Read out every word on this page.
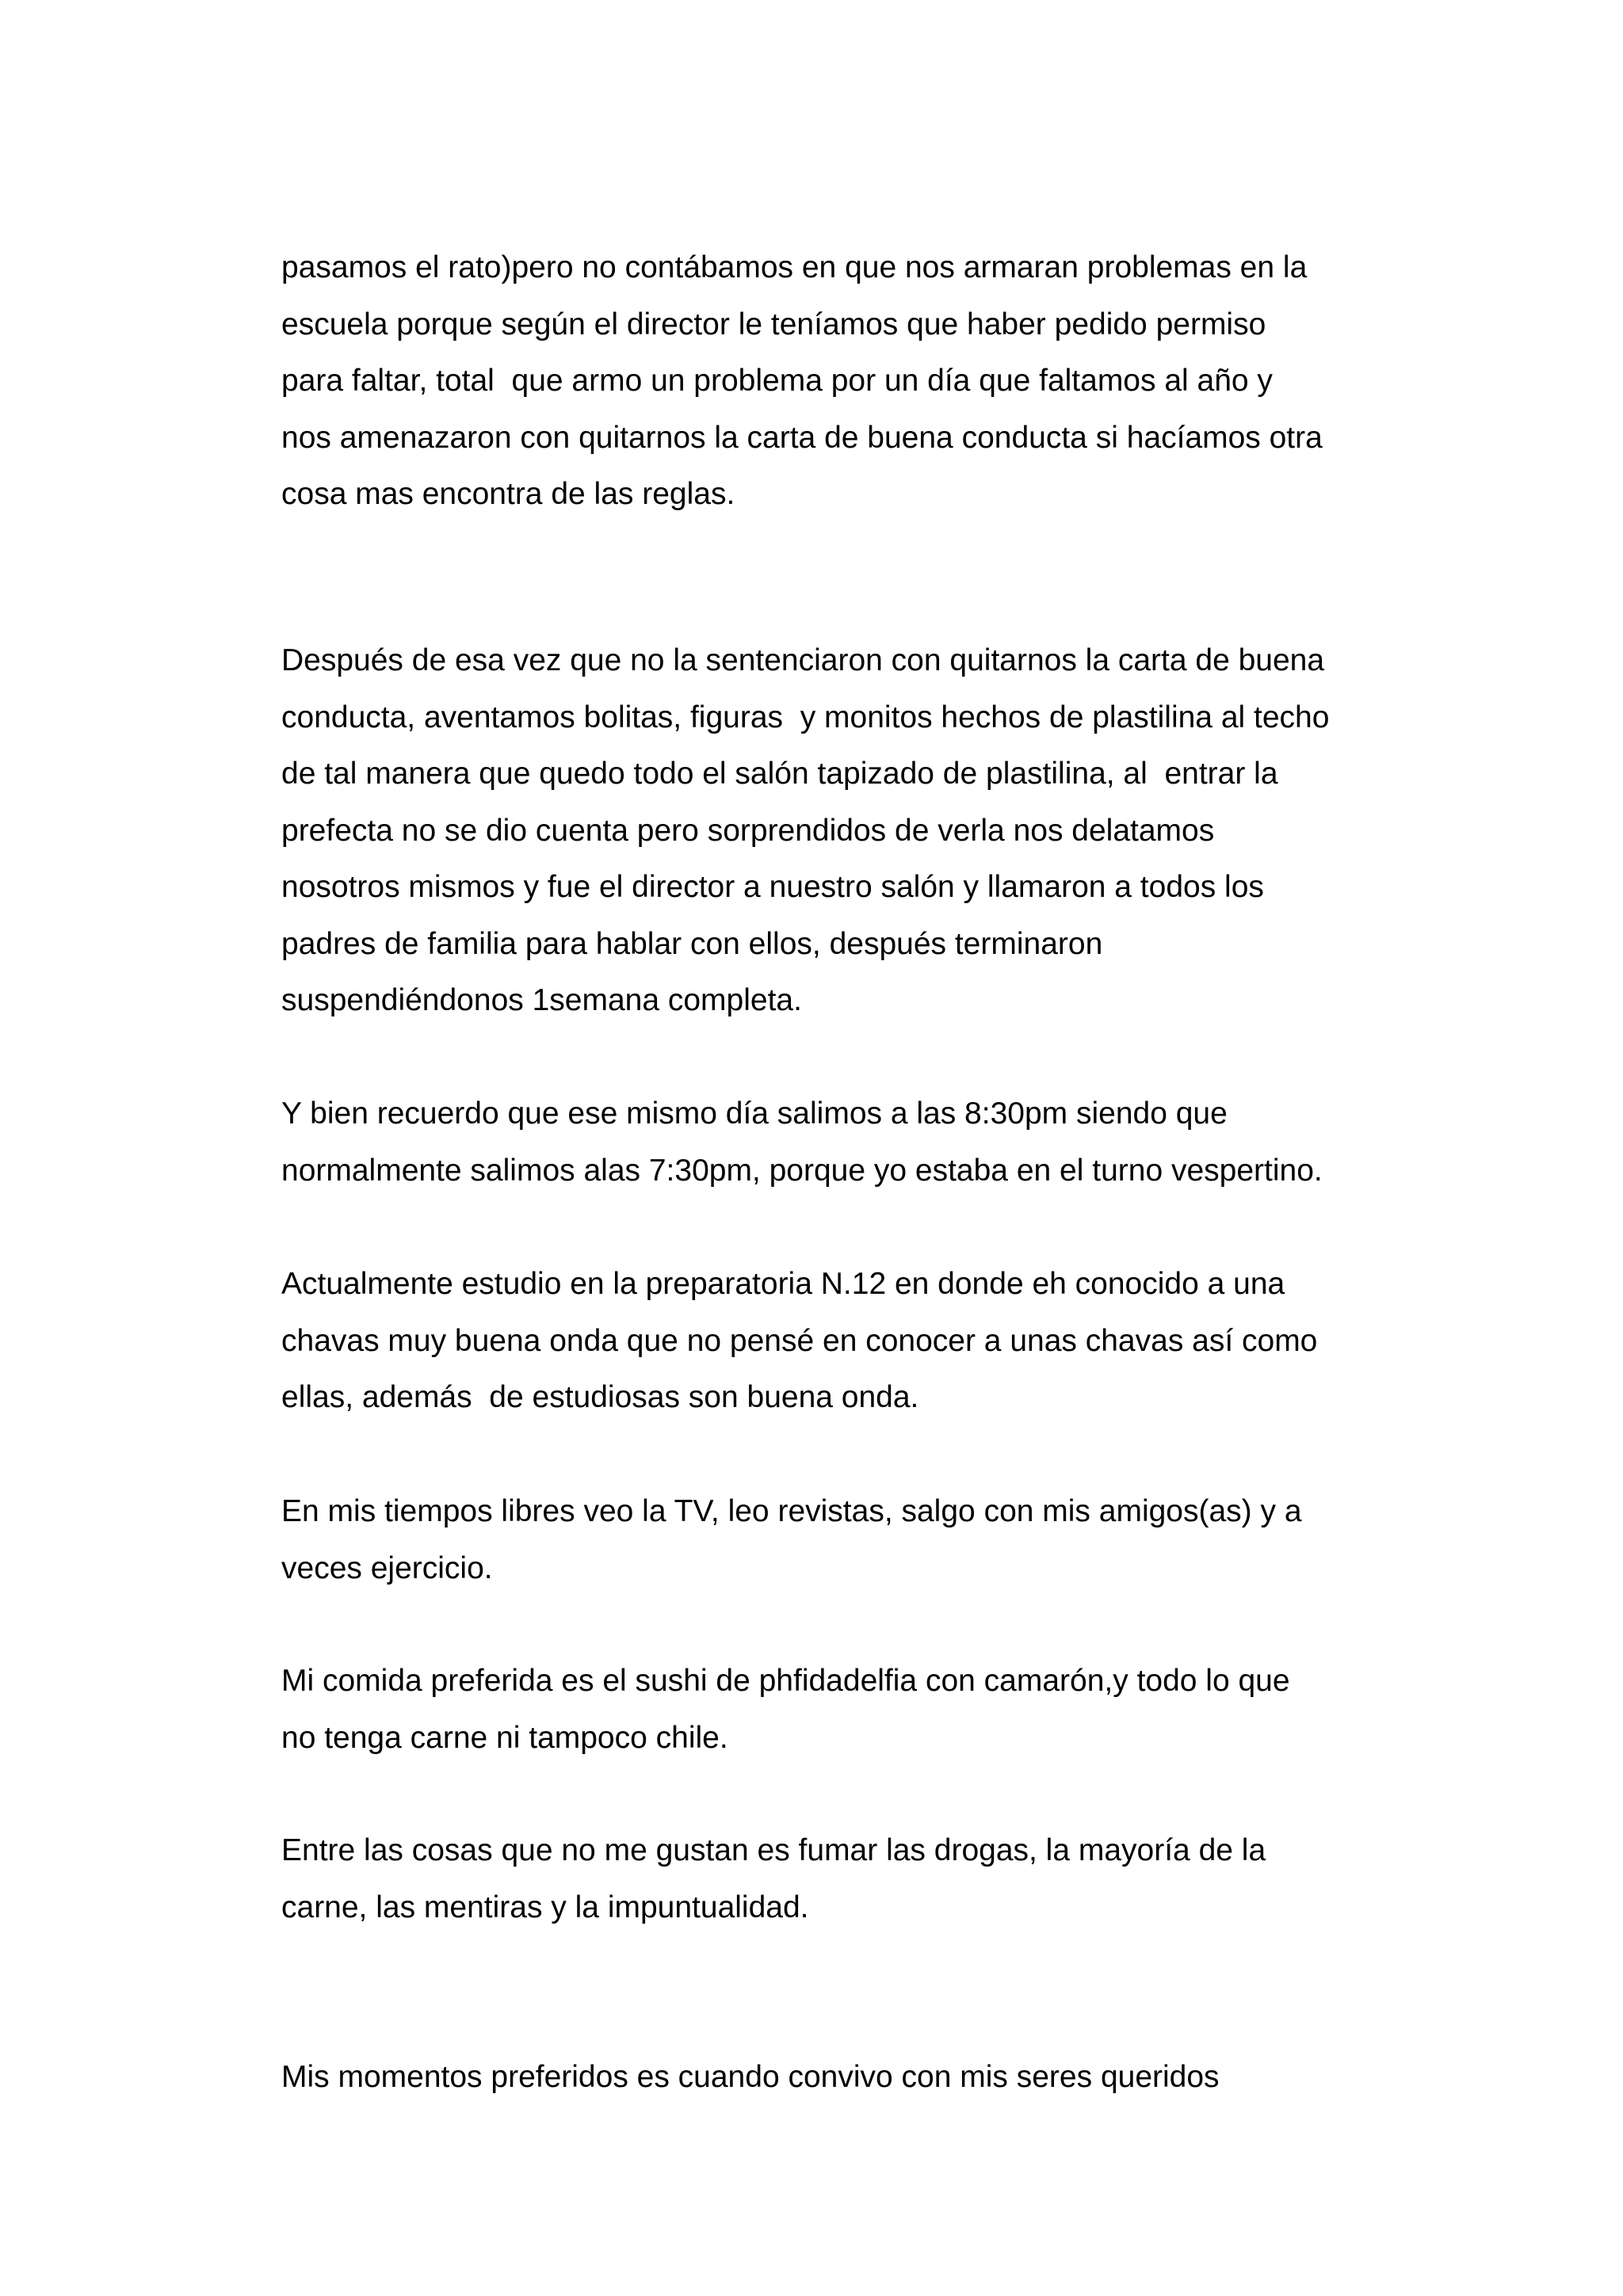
pasamos el rato)pero no contábamos en que nos armaran problemas en la
escuela porque según el director le teníamos que haber pedido permiso
para faltar, total  que armo un problema por un día que faltamos al año y
nos amenazaron con quitarnos la carta de buena conducta si hacíamos otra
cosa mas encontra de las reglas.
Después de esa vez que no la sentenciaron con quitarnos la carta de buena
conducta, aventamos bolitas, figuras  y monitos hechos de plastilina al techo
de tal manera que quedo todo el salón tapizado de plastilina, al  entrar la
prefecta no se dio cuenta pero sorprendidos de verla nos delatamos
nosotros mismos y fue el director a nuestro salón y llamaron a todos los
padres de familia para hablar con ellos, después terminaron
suspendiéndonos 1semana completa.
Y bien recuerdo que ese mismo día salimos a las 8:30pm siendo que
normalmente salimos alas 7:30pm, porque yo estaba en el turno vespertino.
Actualmente estudio en la preparatoria N.12 en donde eh conocido a una
chavas muy buena onda que no pensé en conocer a unas chavas así como
ellas, además  de estudiosas son buena onda.
En mis tiempos libres veo la TV, leo revistas, salgo con mis amigos(as) y a
veces ejercicio.
Mi comida preferida es el sushi de phfidadelfia con camarón,y todo lo que
no tenga carne ni tampoco chile.
Entre las cosas que no me gustan es fumar las drogas, la mayoría de la
carne, las mentiras y la impuntualidad.
Mis momentos preferidos es cuando convivo con mis seres queridos
